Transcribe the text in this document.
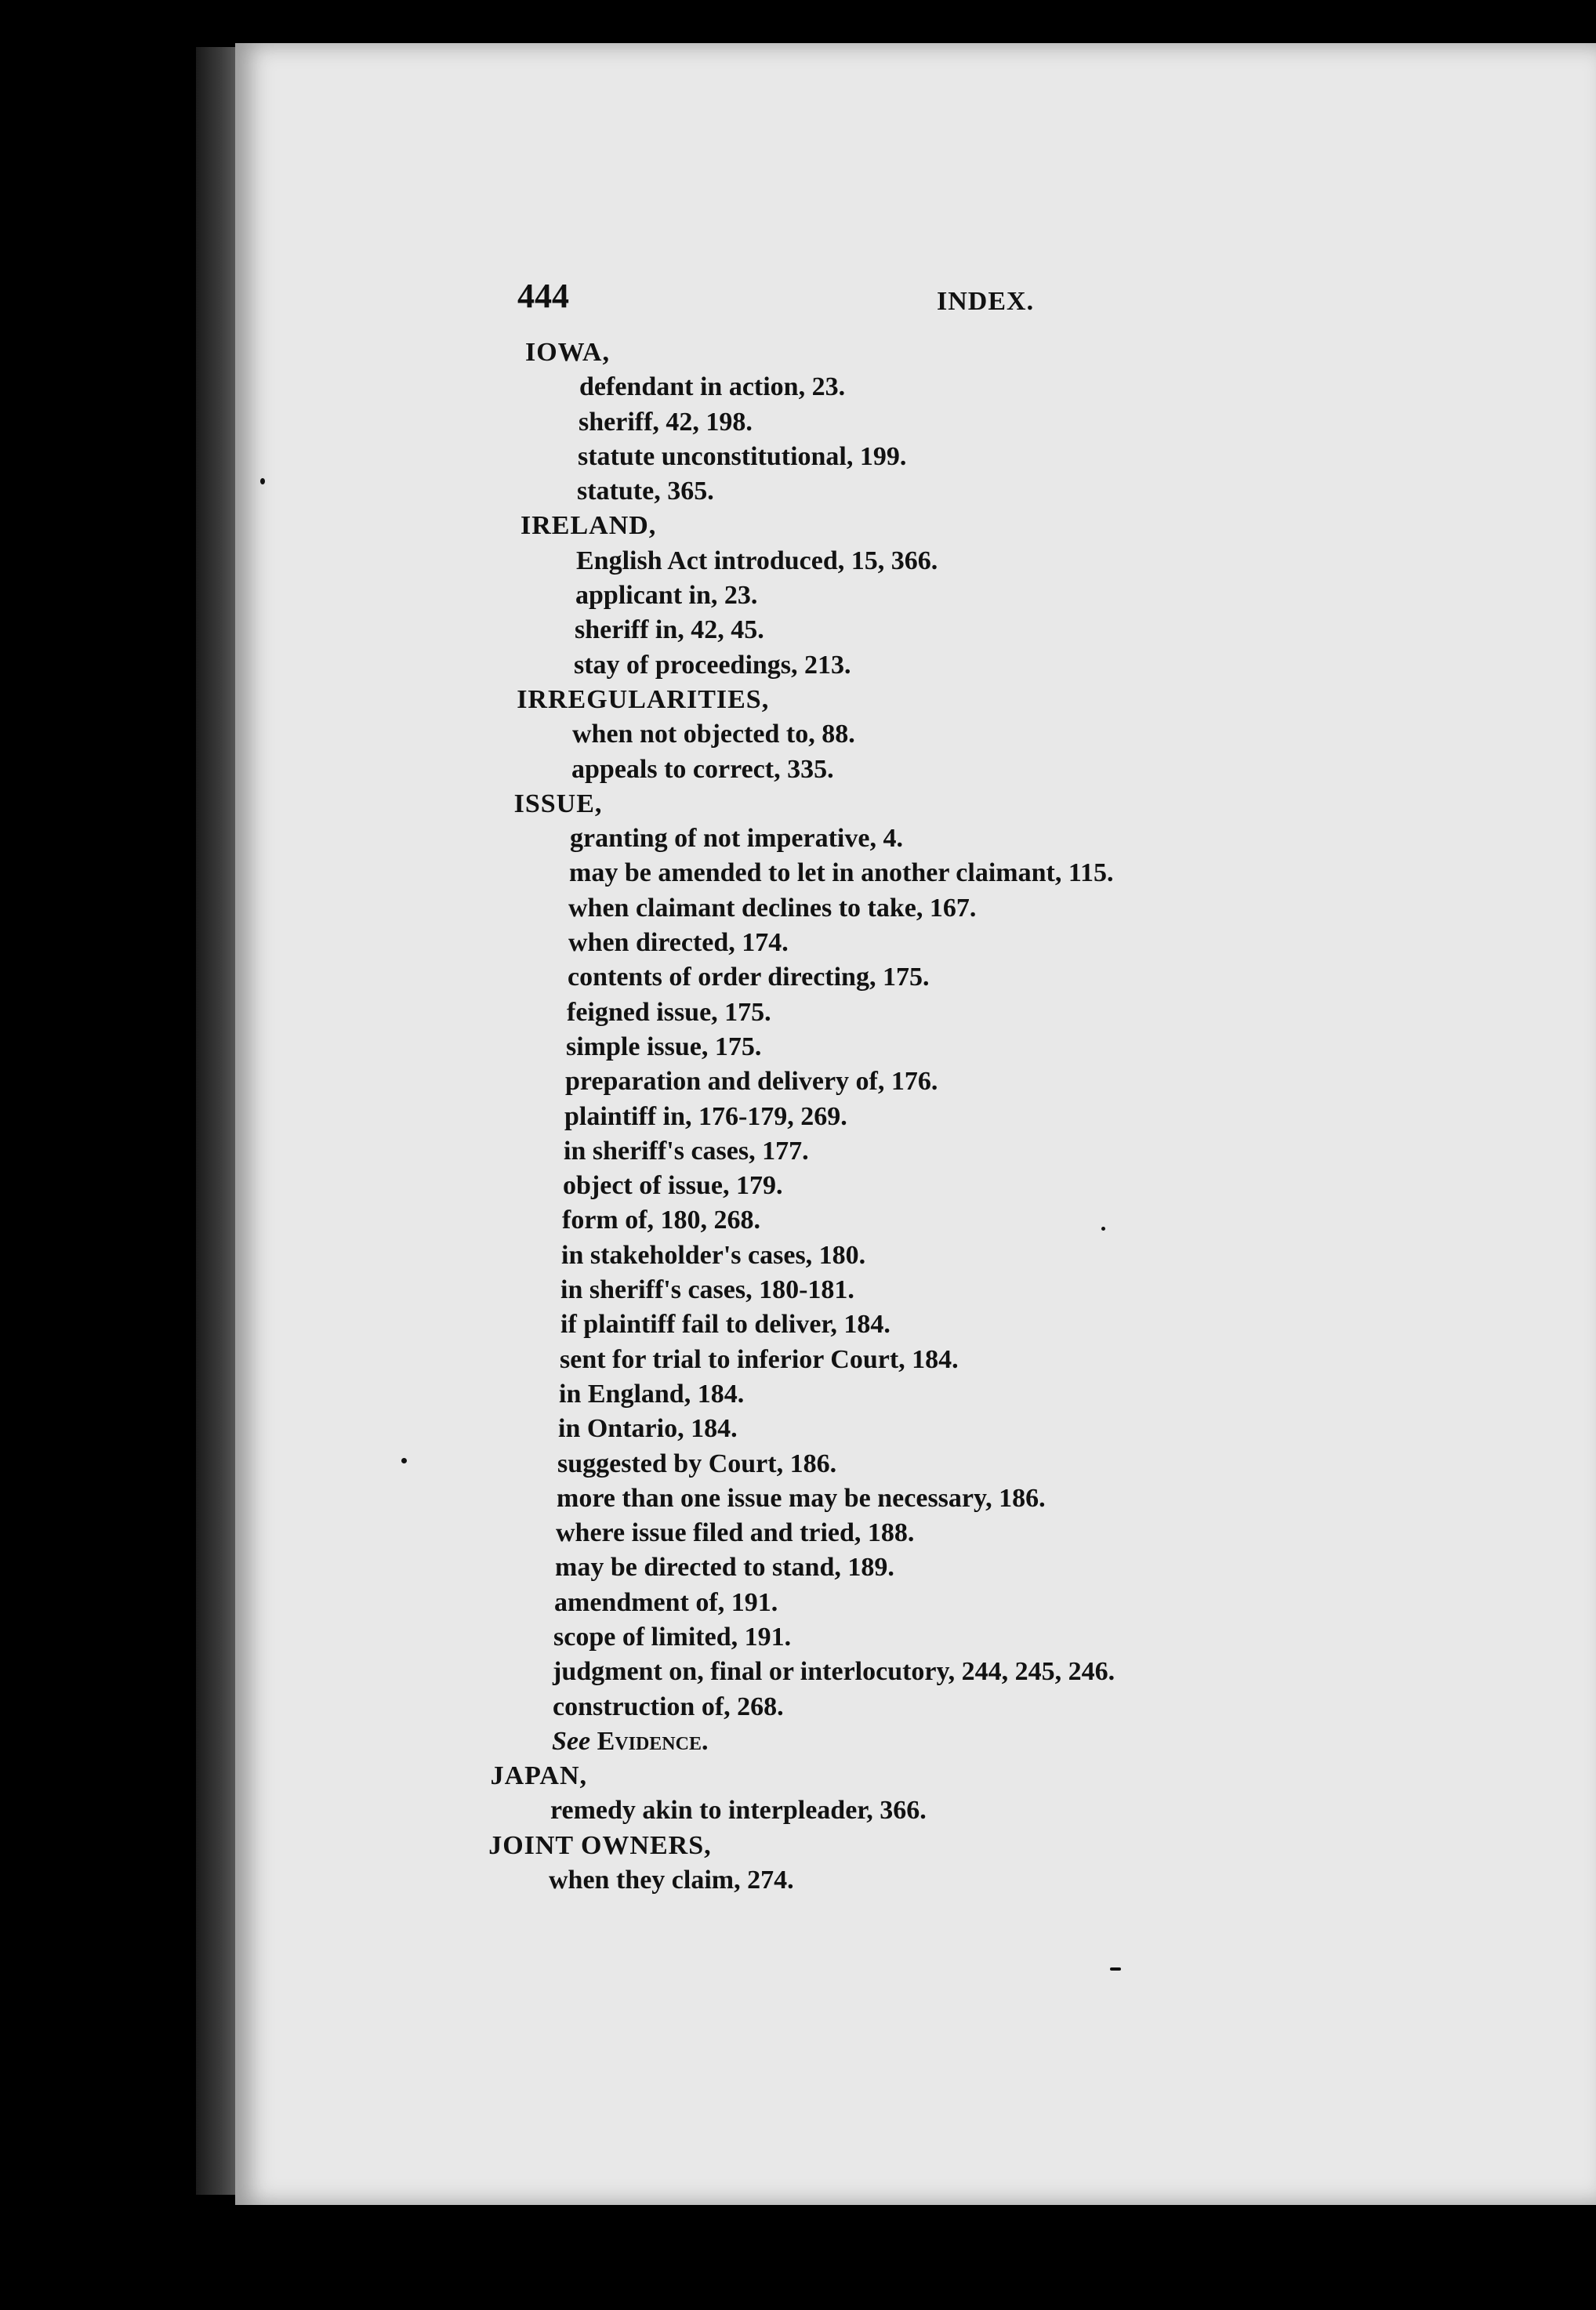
444	INDEX.
IOWA,
defendant in action, 23.
sheriff, 42, 198.
statute unconstitutional, 199.
statute, 365.
IRELAND,
English Act introduced, 15, 366.
applicant in, 23.
sheriff in, 42, 45.
stay of proceedings, 213.
IRREGULARITIES,
when not objected to, 88.
appeals to correct, 335.
ISSUE,
granting of not imperative, 4.
may be amended to let in another claimant, 115.
when claimant declines to take, 167.
when directed, 174.
contents of order directing, 175.
feigned issue, 175.
simple issue, 175.
preparation and delivery of, 176.
plaintiff in, 176-179, 269.
in sheriff's cases, 177.
object of issue, 179.
form of, 180, 268.
in stakeholder's cases, 180.
in sheriff's cases, 180-181.
if plaintiff fail to deliver, 184.
sent for trial to inferior Court, 184.
in England, 184.
in Ontario, 184.
suggested by Court, 186.
more than one issue may be necessary, 186.
where issue filed and tried, 188.
may be directed to stand, 189.
amendment of, 191.
scope of limited, 191.
judgment on, final or interlocutory, 244, 245, 246.
construction of, 268.
See Evidence.
JAPAN,
remedy akin to interpleader, 366.
JOINT OWNERS,
when they claim, 274.
